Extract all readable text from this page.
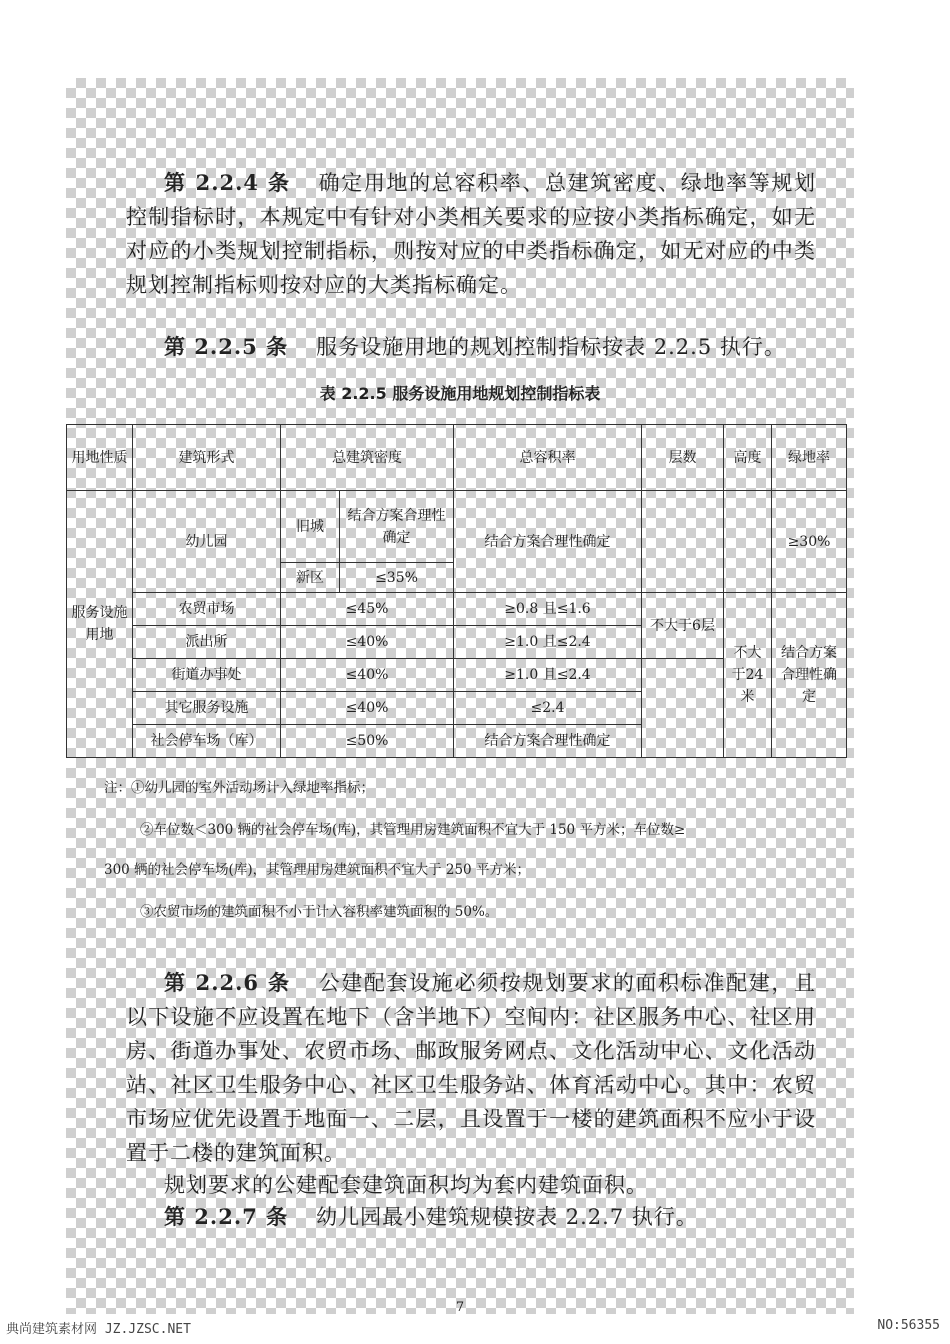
第 2.2.4 条 确定用地的总容积率、总建筑密度、绿地率等规划控制指标时，本规定中有针对小类相关要求的应按小类指标确定，如无对应的小类规划控制指标，则按对应的中类指标确定，如无对应的中类规划控制指标则按对应的大类指标确定。
第 2.2.5 条 服务设施用地的规划控制指标按表 2.2.5 执行。
表 2.2.5 服务设施用地规划控制指标表
用地性质	建筑形式	总建筑密度		总容积率	层数	高度	绿地率
服务设施用地	幼儿园	旧城	结合方案合理性确定	结合方案合理性确定			≥30%
		新区	≤35%				
	农贸市场	≤45%		≥0.8 且≤1.6	不大于6层	不大于24米	结合方案合理性确定
	派出所	≤40%		≥1.0 且≤2.4			
	街道办事处	≤40%		≥1.0 且≤2.4			
	其它服务设施	≤40%		≤2.4			
	社会停车场（库）	≤50%		结合方案合理性确定			
注：①幼儿园的室外活动场计入绿地率指标；
②车位数＜300 辆的社会停车场(库)，其管理用房建筑面积不宜大于 150 平方米；车位数≥
300 辆的社会停车场(库)，其管理用房建筑面积不宜大于 250 平方米；
③农贸市场的建筑面积不小于计入容积率建筑面积的 50%。
第 2.2.6 条 公建配套设施必须按规划要求的面积标准配建，且以下设施不应设置在地下（含半地下）空间内：社区服务中心、社区用房、街道办事处、农贸市场、邮政服务网点、文化活动中心、文化活动站、社区卫生服务中心、社区卫生服务站、体育活动中心。其中：农贸市场应优先设置于地面一、二层，且设置于一楼的建筑面积不应小于设置于二楼的建筑面积。
规划要求的公建配套建筑面积均为套内建筑面积。
第 2.2.7 条 幼儿园最小建筑规模按表 2.2.7 执行。
7
典尚建筑素材网 JZ.JZSC.NET	NO:56355
